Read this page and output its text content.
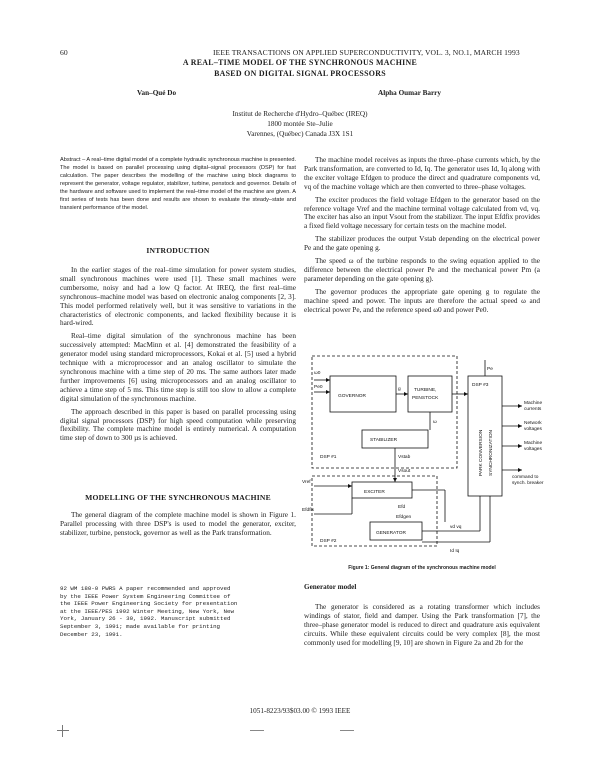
60	IEEE TRANSACTIONS ON APPLIED SUPERCONDUCTIVITY, VOL. 3, NO.1, MARCH 1993
A REAL–TIME MODEL OF THE SYNCHRONOUS MACHINE
BASED ON DIGITAL SIGNAL PROCESSORS
Van–Qué Do	Alpha Oumar Barry
Institut de Recherche d'Hydro–Québec (IREQ)
1800 montée Ste–Julie
Varennes, (Québec) Canada J3X 1S1
Abstract – A real–time digital model of a complete hydraulic synchronous machine is presented. The model is based on parallel processing using digital–signal processors (DSP) for fast calculation. The paper describes the modelling of the machine using block diagrams to represent the generator, voltage regulator, stabilizer, turbine, penstock and governor. Details of the hardware and software used to implement the real–time model of the machine are given. A first series of tests has been done and results are shown to evaluate the steady–state and transient performance of the model.
INTRODUCTION

In the earlier stages of the real–time simulation for power system studies, small synchronous machines were used [1]. These small machines were cumbersome, noisy and had a low Q factor. At IREQ, the first real–time synchronous–machine model was based on electronic analog components [2, 3]. This model performed relatively well, but it was sensitive to variations in the characteristics of electronic components, and lacked flexibility because it is hard-wired.

Real–time digital simulation of the synchronous machine has been successively attempted: MacMinn et al. [4] demonstrated the feasibility of a generator model using standard microprocessors, Kokai et al. [5] used a hybrid technique with a microprocessor and an analog oscillator to simulate the synchronous machine with a time step of 20 ms. The same authors later made further improvements [6] using microprocessors and an analog oscillator to achieve a time step of 5 ms. This time step is still too slow to allow a complete digital simulation of the synchronous machine.

The approach described in this paper is based on parallel processing using digital signal processors (DSP) for high speed computation while preserving flexibility. The complete machine model is entirely numerical. A computation time step of down to 300 µs is achieved.

MODELLING OF THE SYNCHRONOUS MACHINE

The general diagram of the complete machine model is shown in Figure 1. Parallel processing with three DSP's is used to model the generator, exciter, stabilizer, turbine, penstock, governor as well as the Park transformation.

92 WM 180-0 PWRS A paper recommended and approved
by the IEEE Power System Engineering Committee of
the IEEE Power Engineering Society for presentation
at the IEEE/PES 1992 Winter Meeting, New York, New
York, January 26 - 30, 1992. Manuscript submitted
September 3, 1991; made available for printing
December 23, 1991.

The machine model receives as inputs the three–phase currents which, by the Park transformation, are converted to Id, Iq. The generator uses Id, Iq along with the exciter voltage Efdgen to produce the direct and quadrature components vd, vq of the machine voltage which are then converted to three–phase voltages.

The exciter produces the field voltage Efdgen to the generator based on the reference voltage Vref and the machine terminal voltage calculated from vd, vq. The exciter has also an input Vsout from the stabilizer. The input Efdfix provides a fixed field voltage necessary for certain tests on the machine model.

The stabilizer produces the output Vstab depending on the electrical power Pe and the gate opening g.

The speed ω of the turbine responds to the swing equation applied to the difference between the electrical power Pe and the mechanical power Pm (a parameter depending on the gate opening g).

The governor produces the appropriate gate opening g to regulate the machine speed and power. The inputs are therefore the actual speed ω and electrical power Pe, and the reference speed ω0 and power Pe0.

ω0
Pe0
GOVERNOR
g	TURBINE,
PENSTOCK
ω
Pe
DSP #1
STABILIZER
Vstab
Vsout
Vref
EXCITER
Efdfix
Efd
Efdgen
GENERATOR
DSP #2
vd vq
Id Iq
DSP #3
PARK CONVERSION SYNCHRONIZATION
Machine
currents
Network
voltages
Machine
voltages
command to
synch. breaker
Figure 1: General diagram of the synchronous machine model
Generator model

The generator is considered as a rotating transformer which includes windings of stator, field and damper. Using the Park transformation [7], the three–phase generator model is reduced to direct and quadrature axis equivalent circuits. While these equivalent circuits could be very complex [8], the most commonly used for modelling [9, 10] are shown in Figure 2a and 2b for the

1051-8223/93$03.00 © 1993 IEEE
